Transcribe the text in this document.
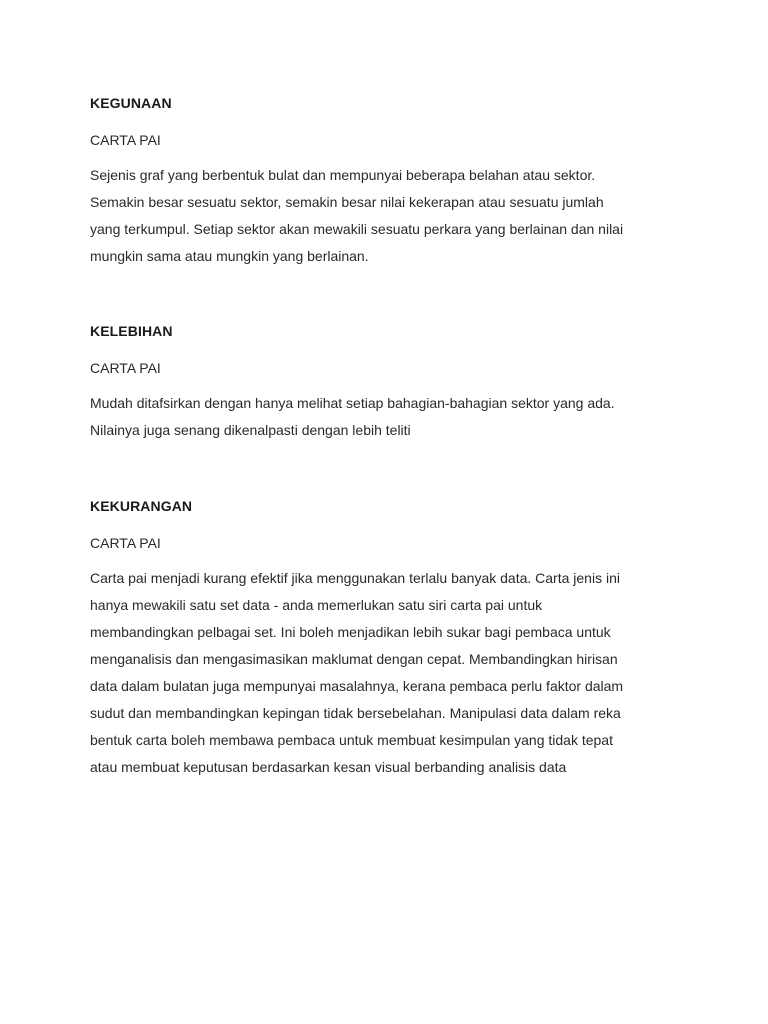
KEGUNAAN

CARTA PAI

Sejenis graf yang berbentuk bulat dan mempunyai beberapa belahan atau sektor.
Semakin besar sesuatu sektor, semakin besar nilai kekerapan atau sesuatu jumlah
yang terkumpul. Setiap sektor akan mewakili sesuatu perkara yang berlainan dan nilai
mungkin sama atau mungkin yang berlainan.

KELEBIHAN

CARTA PAI

Mudah ditafsirkan dengan hanya melihat setiap bahagian-bahagian sektor yang ada.
Nilainya juga senang dikenalpasti dengan lebih teliti

KEKURANGAN

CARTA PAI

Carta pai menjadi kurang efektif jika menggunakan terlalu banyak data. Carta jenis ini
hanya mewakili satu set data - anda memerlukan satu siri carta pai untuk
membandingkan pelbagai set. Ini boleh menjadikan lebih sukar bagi pembaca untuk
menganalisis dan mengasimasikan maklumat dengan cepat. Membandingkan hirisan
data dalam bulatan juga mempunyai masalahnya, kerana pembaca perlu faktor dalam
sudut dan membandingkan kepingan tidak bersebelahan. Manipulasi data dalam reka
bentuk carta boleh membawa pembaca untuk membuat kesimpulan yang tidak tepat
atau membuat keputusan berdasarkan kesan visual berbanding analisis data
